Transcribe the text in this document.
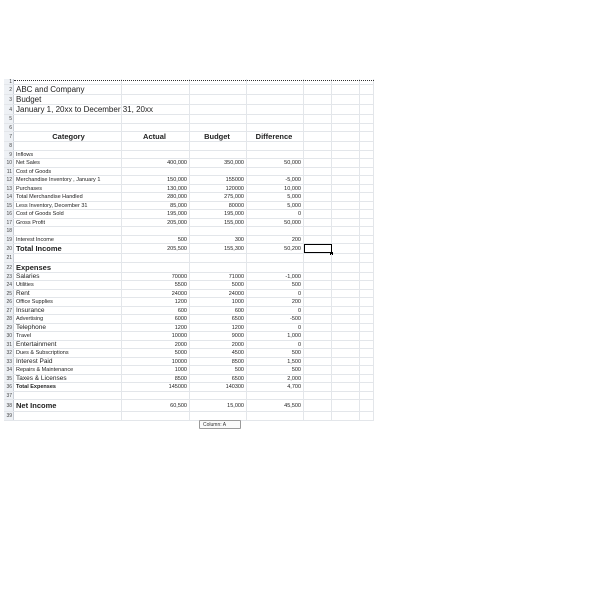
1
2 ABC and Company
3 Budget
4 January 1, 20xx to December 31, 20xx
5
6
7	Category	Actual	Budget	Difference
8
9 Inflows
10 Net Sales	400,000	350,000	50,000
11 Cost of Goods
12 Merchandise Inventory , January 1	150,000	155000	-5,000
13 Purchases	130,000	120000	10,000
14 Total Merchandise Handled	280,000	275,000	5,000
15 Less Inventory, December 31	85,000	80000	5,000
16 Cost of Goods Sold	195,000	195,000	0
17 Gross Profit	205,000	155,000	50,000
18
19 Interest Income	500	300	200
20 Total Income	205,500	155,300	50,200
21
22 Expenses
23 Salaries	70000	71000	-1,000
24 Utilities	5500	5000	500
25 Rent	24000	24000	0
26 Office Supplies	1200	1000	200
27 Insurance	600	600	0
28 Advertising	6000	6500	-500
29 Telephone	1200	1200	0
30 Travel	10000	9000	1,000
31 Entertainment	2000	2000	0
32 Dues & Subscriptions	5000	4500	500
33 Interest Paid	10000	8500	1,500
34 Repairs & Maintenance	1000	500	500
35 Taxes & Licenses	8500	6500	2,000
36 Total Expenses	145000	140300	4,700
37
38 Net Income	60,500	15,000	45,500
39
Column: A
